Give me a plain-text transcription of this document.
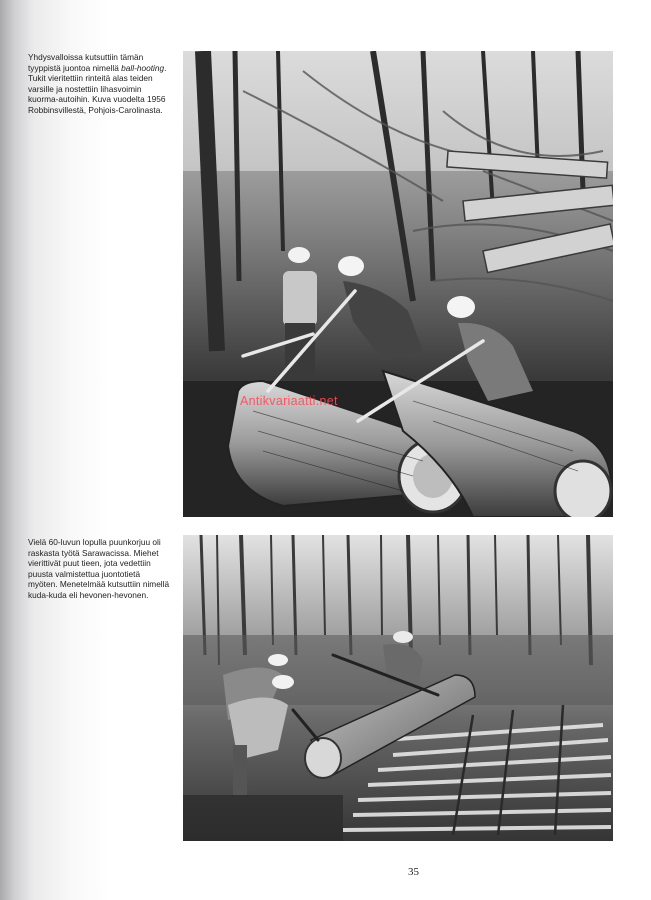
Yhdysvalloissa kutsuttiin tämän tyyppistä juontoa nimellä ball-hooting. Tukit vieritettiin rinteitä alas teiden varsille ja nostettiin lihasvoimin kuorma-autoihin. Kuva vuodelta 1956 Robbinsvillestä, Pohjois-Carolinasta.

Antikvariaatti.net

Vielä 60-luvun lopulla puunkorjuu oli raskasta työtä Sarawacissa. Miehet vierittivät puut tieen, jota vedettiin puusta valmistettua juontotietä myöten. Menetelmää kutsuttiin nimellä kuda-kuda eli hevonen-hevonen.

35
